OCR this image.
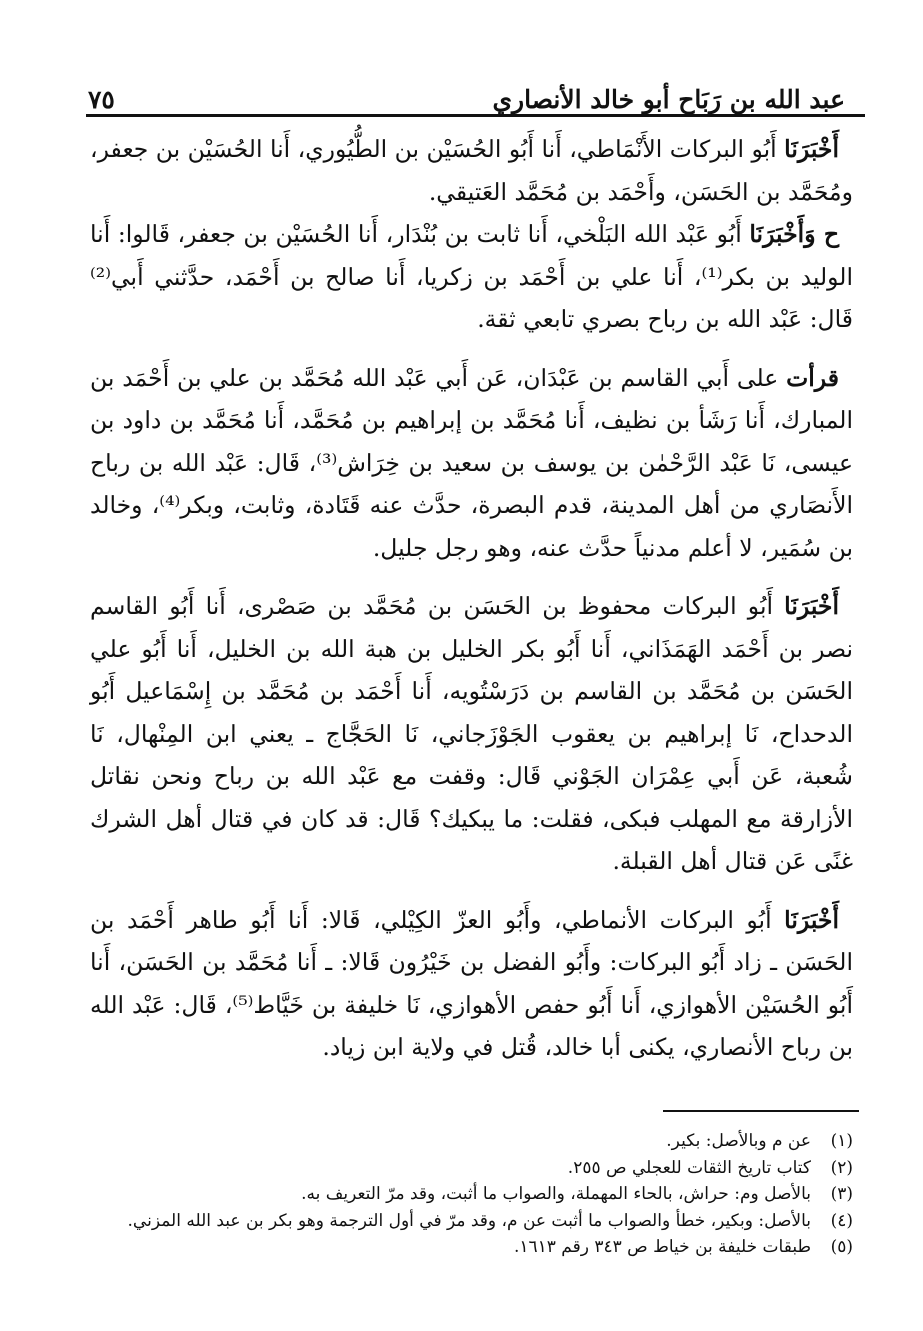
عبد الله بن رَبَاح أبو خالد الأنصاري
٧٥

أَخْبَرَنَا أَبُو البركات الأَنْمَاطي، أَنا أَبُو الحُسَيْن بن الطُّيُوري، أَنا الحُسَيْن بن جعفر، ومُحَمَّد بن الحَسَن، وأَحْمَد بن مُحَمَّد العَتيقي.

ح وَأَخْبَرَنَا أَبُو عَبْد الله البَلْخي، أَنا ثابت بن بُنْدَار، أَنا الحُسَيْن بن جعفر، قَالوا: أَنا الوليد بن بكر⁽¹⁾، أَنا علي بن أَحْمَد بن زكريا، أَنا صالح بن أَحْمَد، حدَّثني أَبي⁽²⁾ قَال: عَبْد الله بن رباح بصري تابعي ثقة.

قرأت على أَبي القاسم بن عَبْدَان، عَن أَبي عَبْد الله مُحَمَّد بن علي بن أَحْمَد بن المبارك، أَنا رَشَأ بن نظيف، أَنا مُحَمَّد بن إبراهيم بن مُحَمَّد، أَنا مُحَمَّد بن داود بن عيسى، نَا عَبْد الرَّحْمٰن بن يوسف بن سعيد بن خِرَاش⁽³⁾، قَال: عَبْد الله بن رباح الأَنصَاري من أهل المدينة، قدم البصرة، حدَّث عنه قَتَادة، وثابت، وبكر⁽⁴⁾، وخالد بن سُمَير، لا أعلم مدنياً حدَّث عنه، وهو رجل جليل.

أَخْبَرَنَا أَبُو البركات محفوظ بن الحَسَن بن مُحَمَّد بن صَصْرى، أَنا أَبُو القاسم نصر بن أَحْمَد الهَمَذَاني، أَنا أَبُو بكر الخليل بن هبة الله بن الخليل، أَنا أَبُو علي الحَسَن بن مُحَمَّد بن القاسم بن دَرَسْتُويه، أَنا أَحْمَد بن مُحَمَّد بن إِسْمَاعيل أَبُو الدحداح، نَا إبراهيم بن يعقوب الجَوْزَجاني، نَا الحَجَّاج ـ يعني ابن المِنْهال، نَا شُعبة، عَن أَبي عِمْرَان الجَوْني قَال: وقفت مع عَبْد الله بن رباح ونحن نقاتل الأزارقة مع المهلب فبكى، فقلت: ما يبكيك؟ قَال: قد كان في قتال أهل الشرك غنًى عَن قتال أهل القبلة.

أَخْبَرَنَا أَبُو البركات الأنماطي، وأَبُو العزّ الكِيْلي، قَالا: أَنا أَبُو طاهر أَحْمَد بن الحَسَن ـ زاد أَبُو البركات: وأَبُو الفضل بن خَيْرُون قَالا: ـ أَنا مُحَمَّد بن الحَسَن، أَنا أَبُو الحُسَيْن الأهوازي، أَنا أَبُو حفص الأهوازي، نَا خليفة بن خَيَّاط⁽⁵⁾، قَال: عَبْد الله بن رباح الأنصاري، يكنى أبا خالد، قُتل في ولاية ابن زياد.

(١)
عن م وبالأصل: بكير.
(٢)
كتاب تاريخ الثقات للعجلي ص ٢٥٥.
(٣)
بالأصل وم: حراش، بالحاء المهملة، والصواب ما أثبت، وقد مرّ التعريف به.
(٤)
بالأصل: وبكير، خطأ والصواب ما أثبت عن م، وقد مرّ في أول الترجمة وهو بكر بن عبد الله المزني.
(٥)
طبقات خليفة بن خياط ص ٣٤٣ رقم ١٦١٣.
